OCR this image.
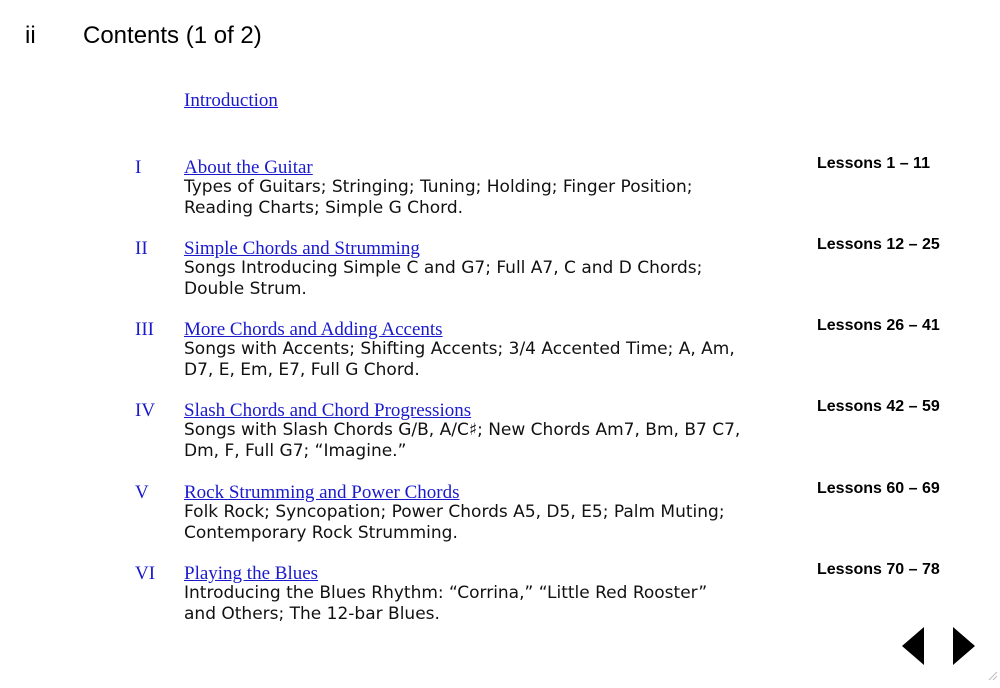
ii Contents (1 of 2)
Introduction
I About the Guitar
Types of Guitars; Stringing; Tuning; Holding; Finger Position; Reading Charts; Simple G Chord.
Lessons 1 – 11
II Simple Chords and Strumming
Songs Introducing Simple C and G7; Full A7, C and D Chords; Double Strum.
Lessons 12 – 25
III More Chords and Adding Accents
Songs with Accents; Shifting Accents; 3/4 Accented Time; A, Am, D7, E, Em, E7, Full G Chord.
Lessons 26 – 41
IV Slash Chords and Chord Progressions
Songs with Slash Chords G/B, A/C♯; New Chords Am7, Bm, B7 C7, Dm, F, Full G7; “Imagine.”
Lessons 42 – 59
V Rock Strumming and Power Chords
Folk Rock; Syncopation; Power Chords A5, D5, E5; Palm Muting; Contemporary Rock Strumming.
Lessons 60 – 69
VI Playing the Blues
Introducing the Blues Rhythm: “Corrina,” “Little Red Rooster” and Others; The 12-bar Blues.
Lessons 70 – 78
